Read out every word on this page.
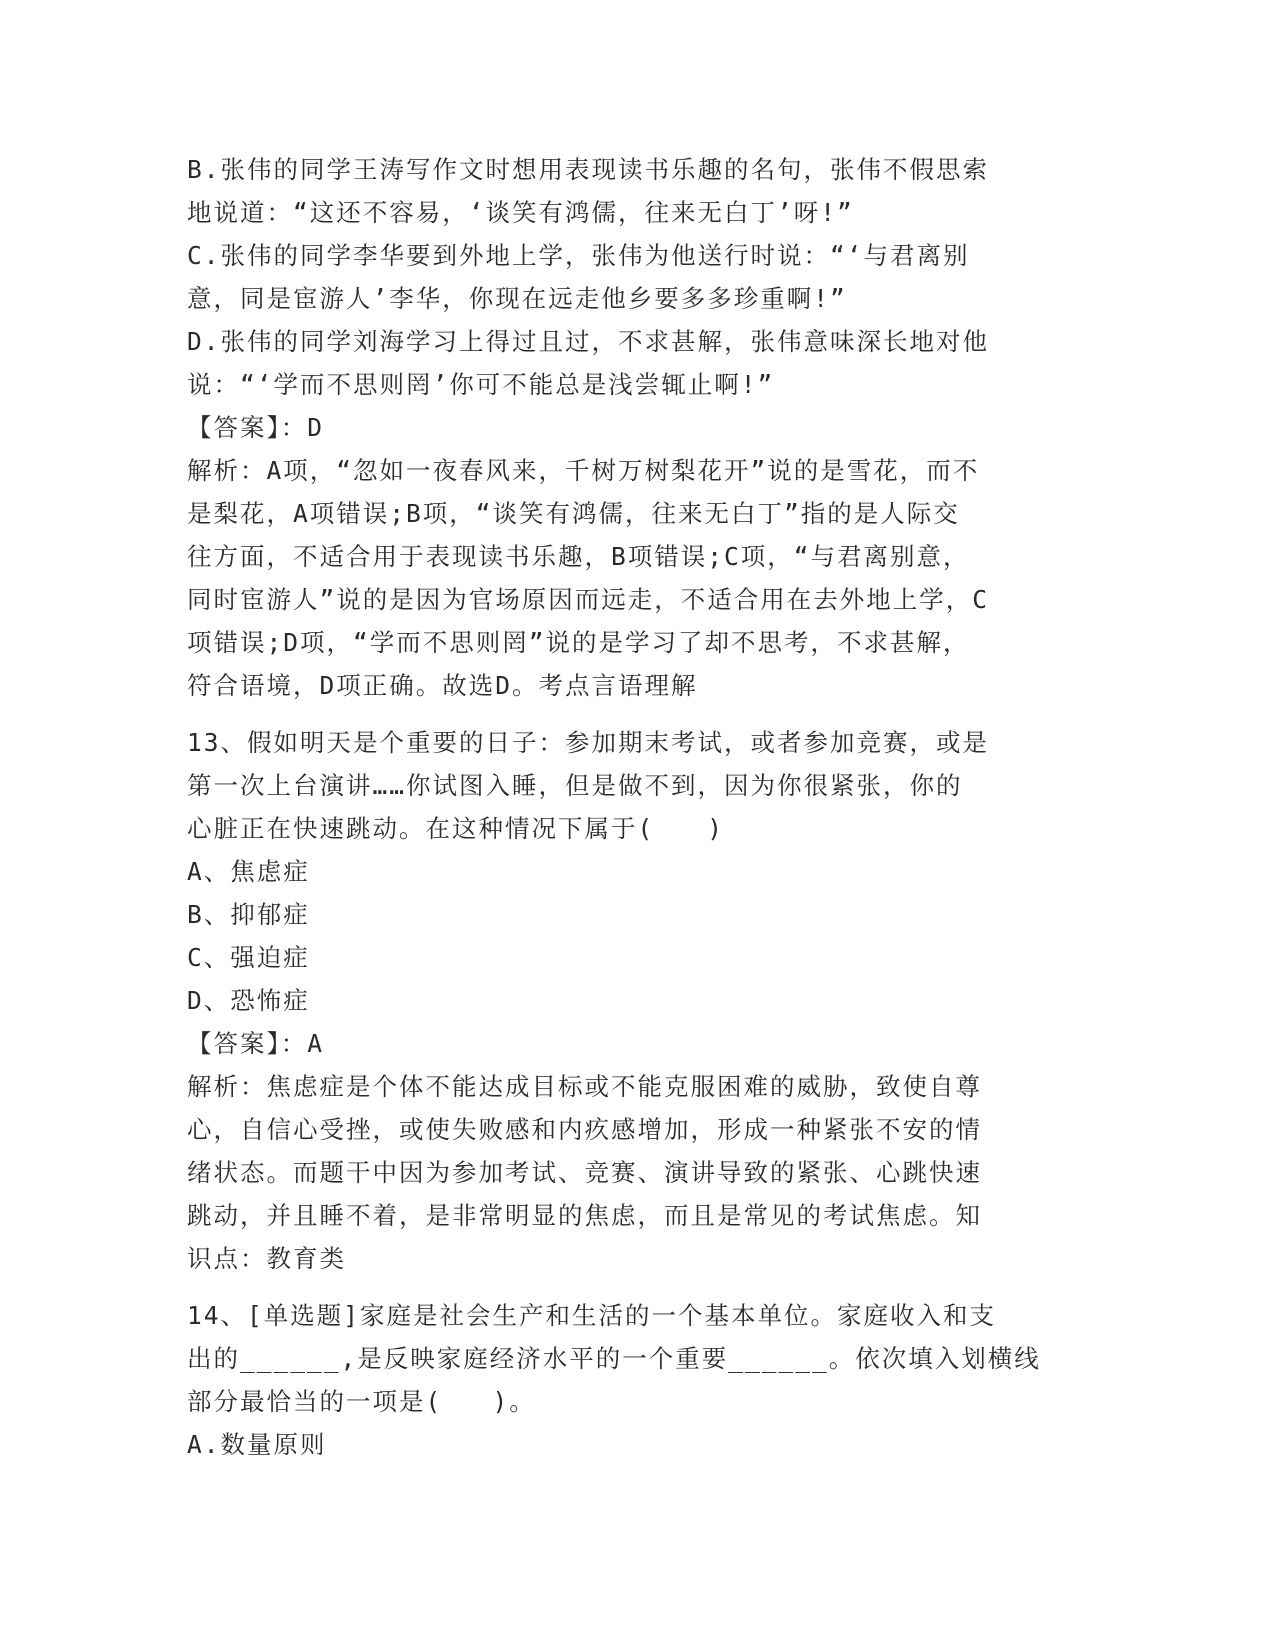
B.张伟的同学王涛写作文时想用表现读书乐趣的名句，张伟不假思索
地说道：“这还不容易，‘谈笑有鸿儒，往来无白丁’呀!”
C.张伟的同学李华要到外地上学，张伟为他送行时说：“‘与君离别
意，同是宦游人’李华，你现在远走他乡要多多珍重啊!”
D.张伟的同学刘海学习上得过且过，不求甚解，张伟意味深长地对他
说：“‘学而不思则罔’你可不能总是浅尝辄止啊!”
【答案】：D
解析：A项，“忽如一夜春风来，千树万树梨花开”说的是雪花，而不
是梨花，A项错误;B项，“谈笑有鸿儒，往来无白丁”指的是人际交
往方面，不适合用于表现读书乐趣，B项错误;C项，“与君离别意，
同时宦游人”说的是因为官场原因而远走，不适合用在去外地上学，C
项错误;D项，“学而不思则罔”说的是学习了却不思考，不求甚解，
符合语境，D项正确。故选D。考点言语理解
13、假如明天是个重要的日子：参加期末考试，或者参加竞赛，或是
第一次上台演讲……你试图入睡，但是做不到，因为你很紧张，你的
心脏正在快速跳动。在这种情况下属于(　　)
A、焦虑症
B、抑郁症
C、强迫症
D、恐怖症
【答案】：A
解析：焦虑症是个体不能达成目标或不能克服困难的威胁，致使自尊
心，自信心受挫，或使失败感和内疚感增加，形成一种紧张不安的情
绪状态。而题干中因为参加考试、竞赛、演讲导致的紧张、心跳快速
跳动，并且睡不着，是非常明显的焦虑，而且是常见的考试焦虑。知
识点：教育类
14、[单选题]家庭是社会生产和生活的一个基本单位。家庭收入和支
出的______,是反映家庭经济水平的一个重要______。依次填入划横线
部分最恰当的一项是(   )。
A.数量原则
